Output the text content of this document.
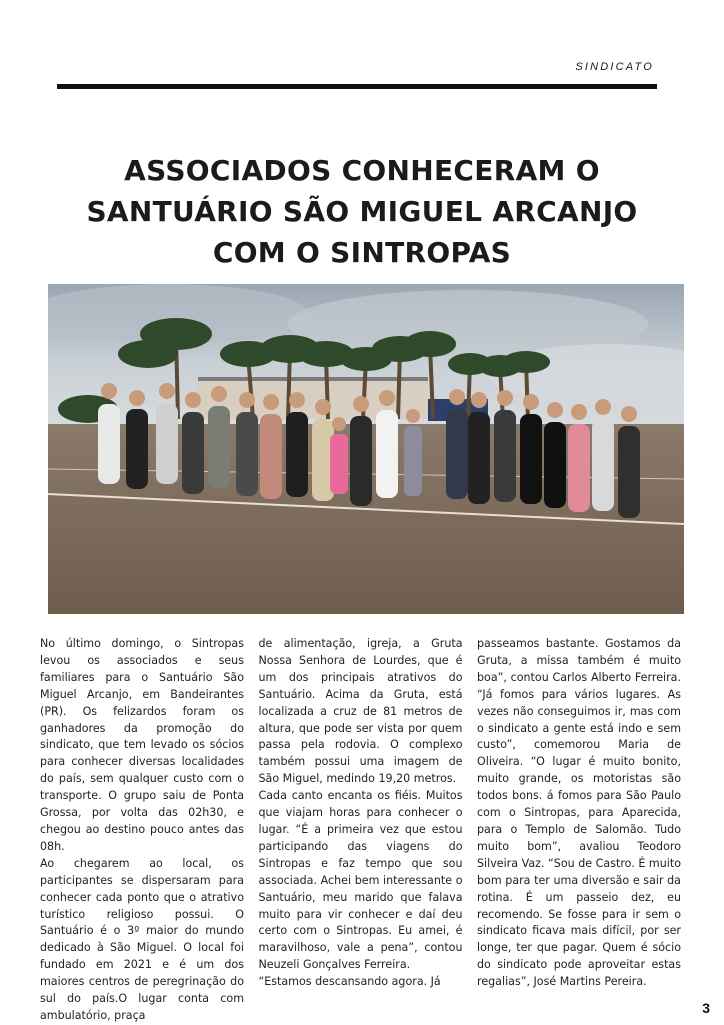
SINDICATO
ASSOCIADOS CONHECERAM O
SANTUÁRIO SÃO MIGUEL ARCANJO
COM O SINTROPAS

No último domingo, o Sintropas levou os associados e seus familiares para o Santuário São Miguel Arcanjo, em Bandeirantes (PR). Os felizardos foram os ganhadores da promoção do sindicato, que tem levado os sócios para conhecer diversas localidades do país, sem qualquer custo com o transporte. O grupo saiu de Ponta Grossa, por volta das 02h30, e chegou ao destino pouco antes das 08h.

Ao chegarem ao local, os participantes se dispersaram para conhecer cada ponto que o atrativo turístico religioso possui. O Santuário é o 3º maior do mundo dedicado à São Miguel. O local foi fundado em 2021 e é um dos maiores centros de peregrinação do sul do país.O lugar conta com ambulatório, praça

de alimentação, igreja, a Gruta Nossa Senhora de Lourdes, que é um dos principais atrativos do Santuário. Acima da Gruta, está localizada a cruz de 81 metros de altura, que pode ser vista por quem passa pela rodovia. O complexo também possui uma imagem de São Miguel, medindo 19,20 metros.

Cada canto encanta os fiéis. Muitos que viajam horas para conhecer o lugar. “É a primeira vez que estou participando das viagens do Sintropas e faz tempo que sou associada. Achei bem interessante o Santuário, meu marido que falava muito para vir conhecer e daí deu certo com o Sintropas. Eu amei, é maravilhoso, vale a pena”, contou Neuzeli Gonçalves Ferreira.

“Estamos descansando agora. Já

passeamos bastante. Gostamos da Gruta, a missa também é muito boa”, contou Carlos Alberto Ferreira. “Já fomos para vários lugares. As vezes não conseguimos ir, mas com o sindicato a gente está indo e sem custo”, comemorou Maria de Oliveira. “O lugar é muito bonito, muito grande, os motoristas são todos bons. á fomos para São Paulo com o Sintropas, para Aparecida, para o Templo de Salomão. Tudo muito bom”, avaliou Teodoro Silveira Vaz. “Sou de Castro. É muito bom para ter uma diversão e sair da rotina. É um passeio dez, eu recomendo. Se fosse para ir sem o sindicato ficava mais difícil, por ser longe, ter que pagar. Quem é sócio do sindicato pode aproveitar estas regalias”, José Martins Pereira.

3
